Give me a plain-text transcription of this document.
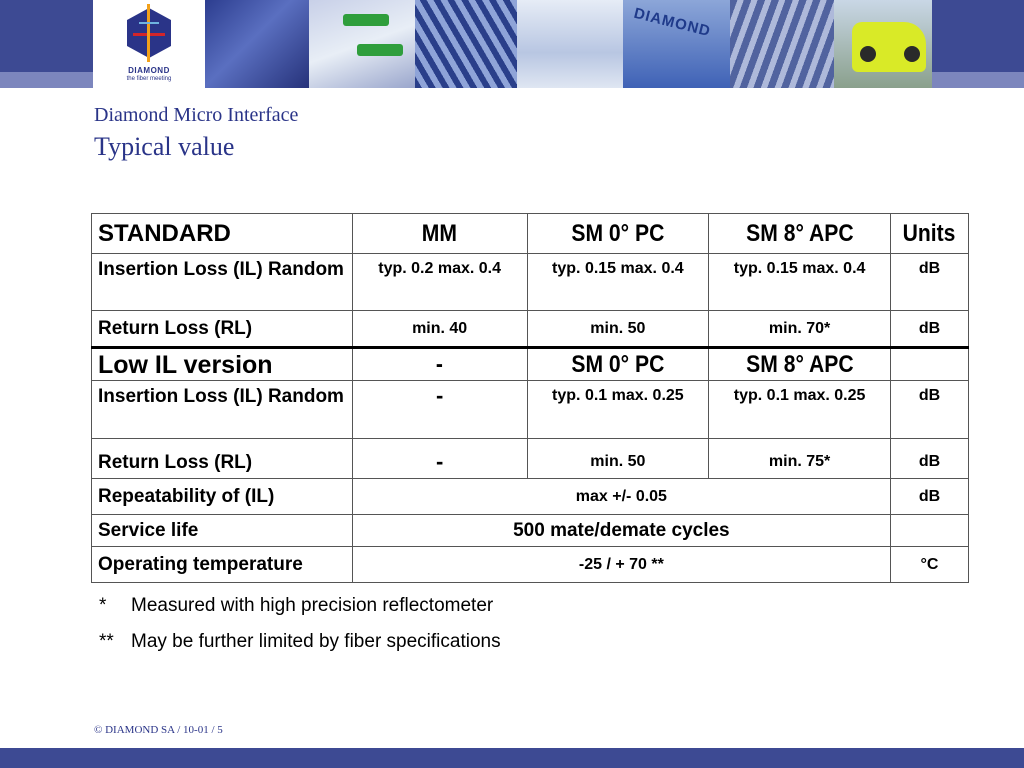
DIAMOND
the fiber meeting
DIAMOND
Diamond Micro Interface
Typical value
STANDARD	MM	SM 0° PC	SM 8° APC	Units
Insertion Loss (IL) Random	typ. 0.2 max. 0.4	typ. 0.15 max. 0.4	typ. 0.15 max. 0.4	dB
Return Loss (RL)	min. 40	min. 50	min. 70*	dB
Low IL version	-	SM 0° PC	SM 8° APC	
Insertion Loss (IL) Random	-	typ. 0.1 max. 0.25	typ. 0.1 max. 0.25	dB
Return Loss (RL)	-	min. 50	min. 75*	dB
Repeatability of (IL)	max +/- 0.05			dB
Service life	500 mate/demate cycles			
Operating temperature	-25 / + 70 **			°C
*	Measured with high precision reflectometer
** May be further limited by fiber specifications
© DIAMOND SA / 10-01 / 5
